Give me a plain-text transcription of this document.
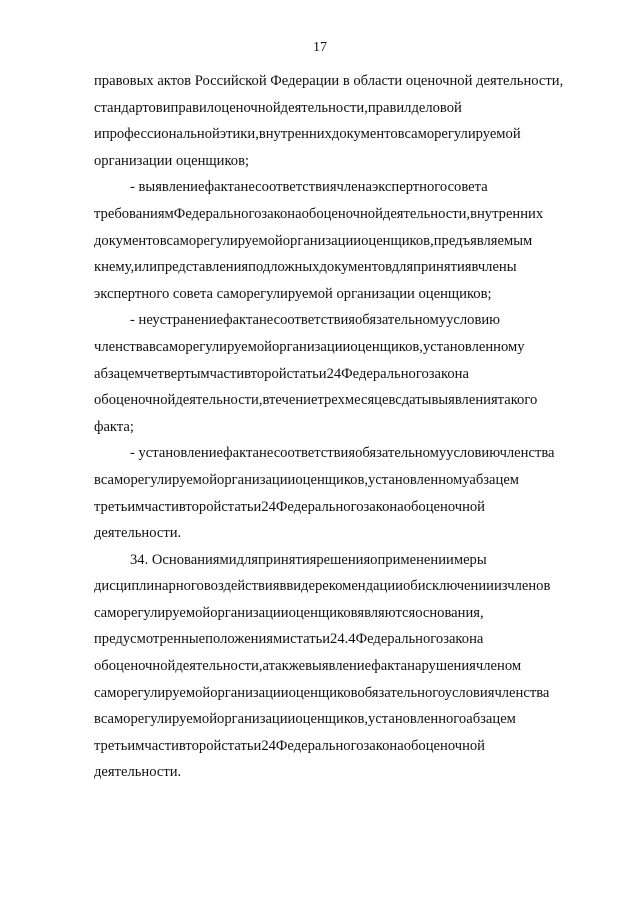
17
правовых актов Российской Федерации в области оценочной деятельности,
стандартовиправилоценочнойдеятельности,правилделовой
ипрофессиональнойэтики,внутреннихдокументовсаморегулируемой
организации оценщиков;
- выявлениефактанесоответствиячленаэкспертногосовета
требованиямФедеральногозаконаобоценочнойдеятельности,внутренних
документовсаморегулируемойорганизацииоценщиков,предъявляемым
кнему,илипредставленияподложныхдокументовдляпринятиявчлены
экспертного совета саморегулируемой организации оценщиков;
- неустранениефактанесоответствияобязательномуусловию
членствавсаморегулируемойорганизацииоценщиков,установленному
абзацемчетвертымчастивторойстатьи24Федеральногозакона
обоценочнойдеятельности,втечениетрехмесяцевсдатывыявлениятакого
факта;
- установлениефактанесоответствияобязательномуусловиючленства
всаморегулируемойорганизацииоценщиков,установленномуабзацем
третьимчастивторойстатьи24Федеральногозаконаобоценочной
деятельности.
34. Основаниямидляпринятиярешенияоприменениимеры
дисциплинарноговоздействияввидерекомендацииобисключенииизчленов
саморегулируемойорганизацииоценщиковявляютсяоснования,
предусмотренныеположениямистатьи24.4Федеральногозакона
обоценочнойдеятельности,атакжевыявлениефактанарушениячленом
саморегулируемойорганизацииоценщиковобязательногоусловиячленства
всаморегулируемойорганизацииоценщиков,установленногоабзацем
третьимчастивторойстатьи24Федеральногозаконаобоценочной
деятельности.
